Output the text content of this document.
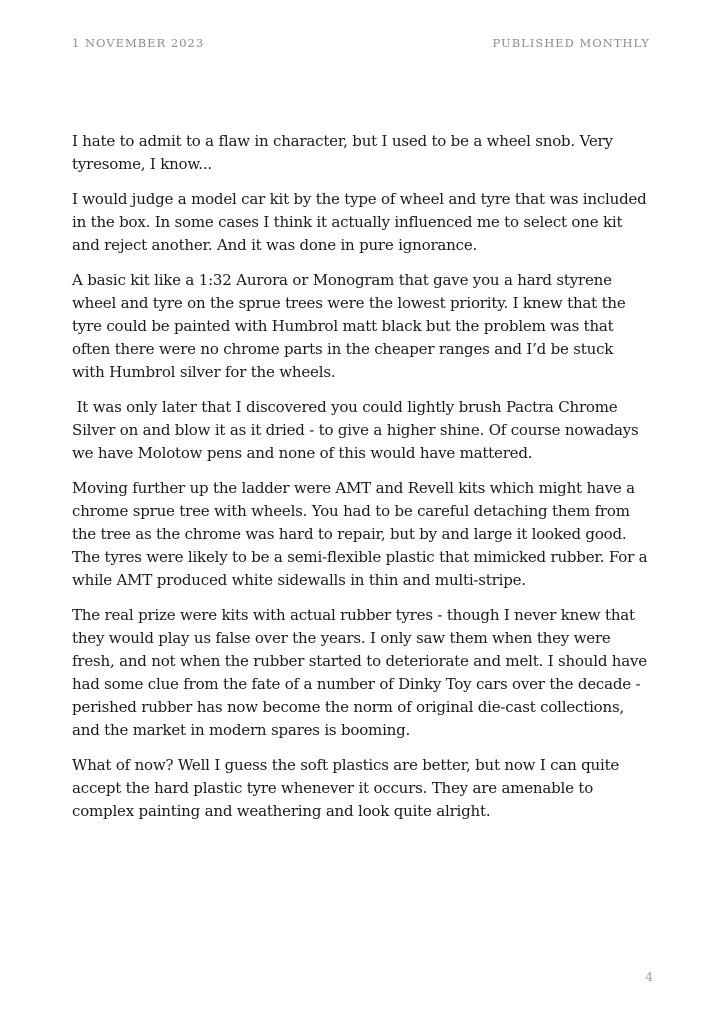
1 NOVEMBER 2023	PUBLISHED MONTHLY

I hate to admit to a flaw in character, but I used to be a wheel snob. Very tyresome, I know...

I would judge a model car kit by the type of wheel and tyre that was included in the box. In some cases I think it actually influenced me to select one kit and reject another. And it was done in pure ignorance.

A basic kit like a 1:32 Aurora or Monogram that gave you a hard styrene wheel and tyre on the sprue trees were the lowest priority. I knew that the tyre could be painted with Humbrol matt black but the problem was that often there were no chrome parts in the cheaper ranges and I’d be stuck with Humbrol silver for the wheels.

It was only later that I discovered you could lightly brush Pactra Chrome Silver on and blow it as it dried - to give a higher shine. Of course nowadays we have Molotow pens and none of this would have mattered.

Moving further up the ladder were AMT and Revell kits which might have a chrome sprue tree with wheels. You had to be careful detaching them from the tree as the chrome was hard to repair, but by and large it looked good. The tyres were likely to be a semi-flexible plastic that mimicked rubber. For a while AMT produced white sidewalls in thin and multi-stripe.

The real prize were kits with actual rubber tyres - though I never knew that they would play us false over the years. I only saw them when they were fresh, and not when the rubber started to deteriorate and melt. I should have had some clue from the fate of a number of Dinky Toy cars over the decade - perished rubber has now become the norm of original die-cast collections, and the market in modern spares is booming.

What of now? Well I guess the soft plastics are better, but now I can quite accept the hard plastic tyre whenever it occurs. They are amenable to complex painting and weathering and look quite alright.

4
